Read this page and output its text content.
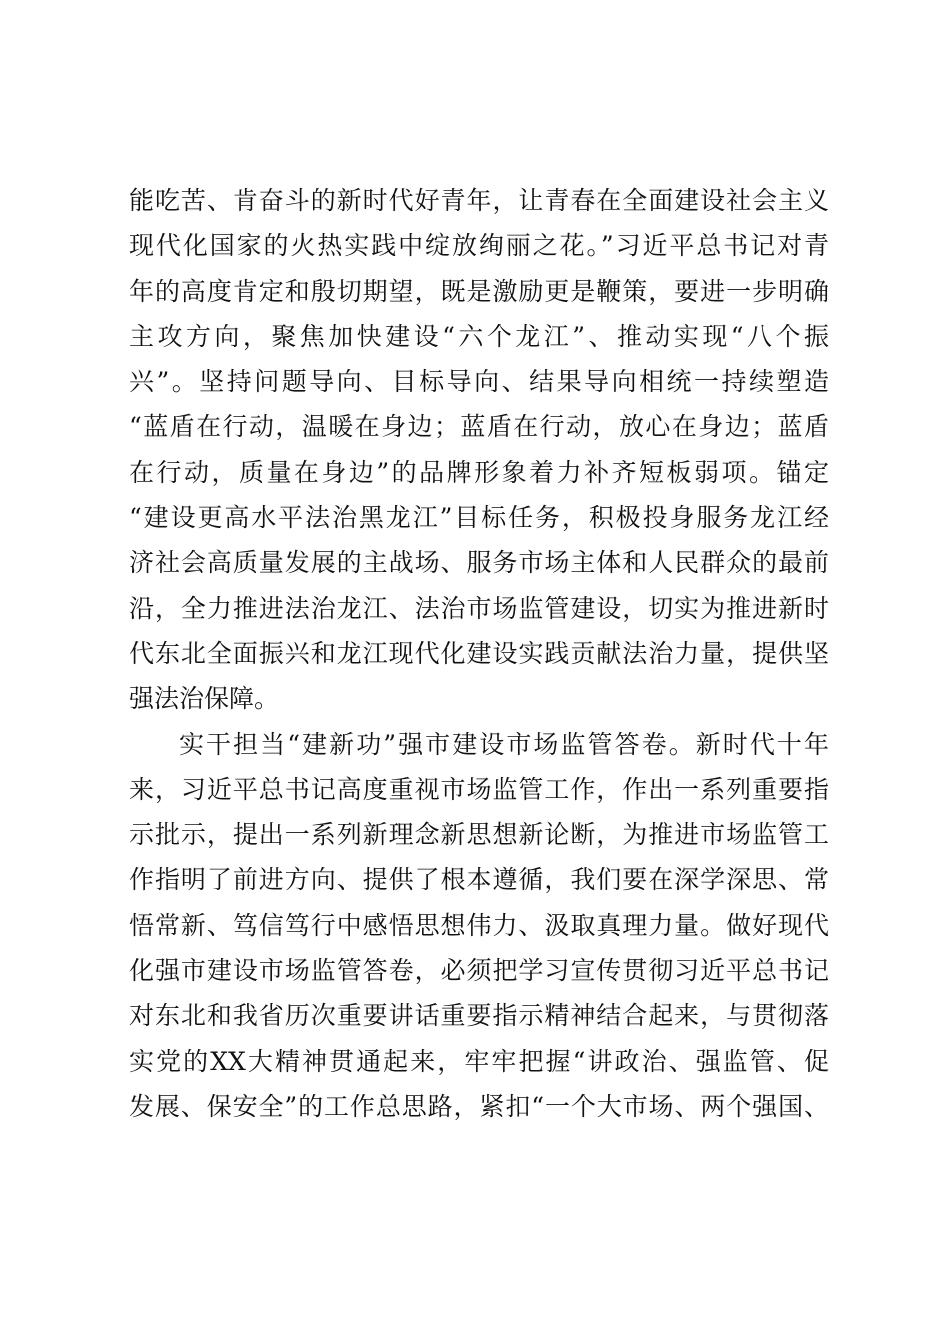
能吃苦、肯奋斗的新时代好青年，让青春在全面建设社会主义
现代化国家的火热实践中绽放绚丽之花。”习近平总书记对青
年的高度肯定和殷切期望，既是激励更是鞭策，要进一步明确
主攻方向，聚焦加快建设“六个龙江”、推动实现“八个振
兴”。坚持问题导向、目标导向、结果导向相统一持续塑造
“蓝盾在行动，温暖在身边；蓝盾在行动，放心在身边；蓝盾
在行动，质量在身边”的品牌形象着力补齐短板弱项。锚定
“建设更高水平法治黑龙江”目标任务，积极投身服务龙江经
济社会高质量发展的主战场、服务市场主体和人民群众的最前
沿，全力推进法治龙江、法治市场监管建设，切实为推进新时
代东北全面振兴和龙江现代化建设实践贡献法治力量，提供坚
强法治保障。
实干担当“建新功”强市建设市场监管答卷。新时代十年
来，习近平总书记高度重视市场监管工作，作出一系列重要指
示批示，提出一系列新理念新思想新论断，为推进市场监管工
作指明了前进方向、提供了根本遵循，我们要在深学深思、常
悟常新、笃信笃行中感悟思想伟力、汲取真理力量。做好现代
化强市建设市场监管答卷，必须把学习宣传贯彻习近平总书记
对东北和我省历次重要讲话重要指示精神结合起来，与贯彻落
实党的XX大精神贯通起来，牢牢把握“讲政治、强监管、促
发展、保安全”的工作总思路，紧扣“一个大市场、两个强国、
